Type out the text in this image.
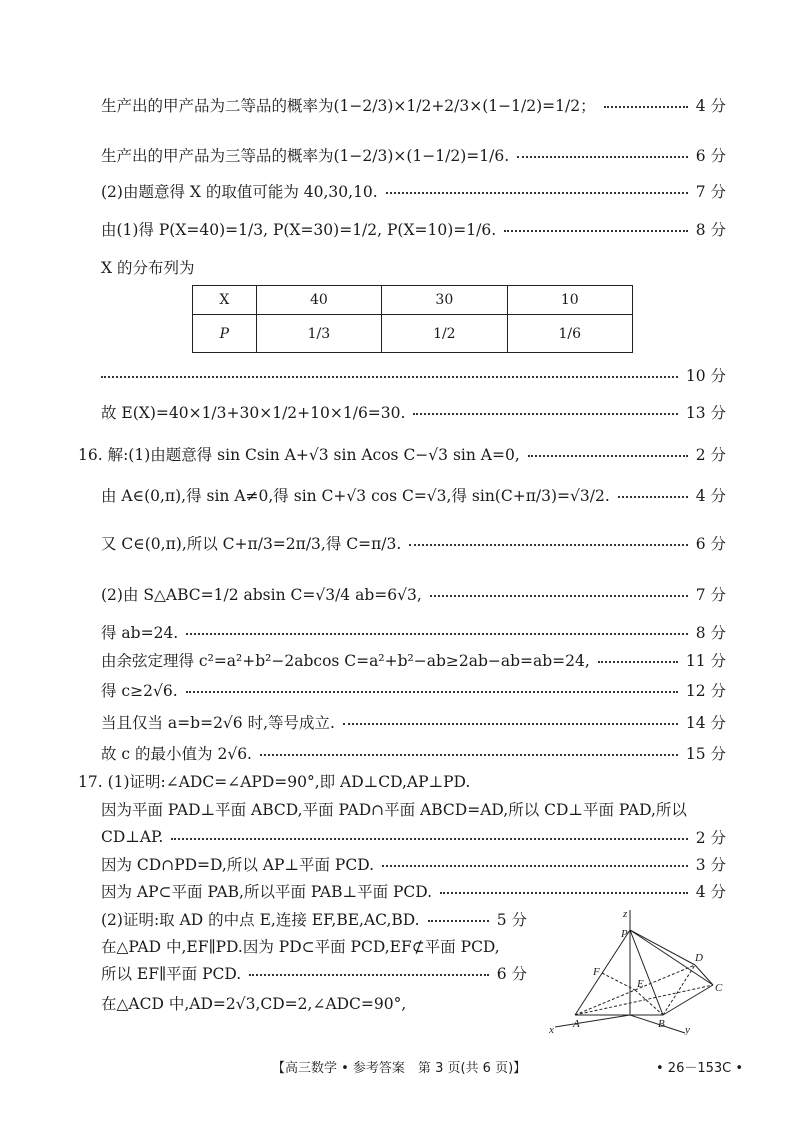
生产出的甲产品为二等品的概率为(1−2/3)×1/2+2/3×(1−1/2)=1/2；	4 分
生产出的甲产品为三等品的概率为(1−2/3)×(1−1/2)=1/6.	6 分
(2)由题意得 X 的取值可能为 40,30,10.	7 分
由(1)得 P(X=40)=1/3, P(X=30)=1/2, P(X=10)=1/6.	8 分
X 的分布列为
X	40	30	10
P	1/3	1/2	1/6
10 分
故 E(X)=40×1/3+30×1/2+10×1/6=30.	13 分
16. 解:(1)由题意得 sin Csin A+√3 sin Acos C−√3 sin A=0,	2 分
由 A∈(0,π),得 sin A≠0,得 sin C+√3 cos C=√3,得 sin(C+π/3)=√3/2.	4 分
又 C∈(0,π),所以 C+π/3=2π/3,得 C=π/3.	6 分
(2)由 S△ABC=1/2 absin C=√3/4 ab=6√3,	7 分
得 ab=24.	8 分
由余弦定理得 c²=a²+b²−2abcos C=a²+b²−ab≥2ab−ab=ab=24,	11 分
得 c≥2√6.	12 分
当且仅当 a=b=2√6 时,等号成立.	14 分
故 c 的最小值为 2√6.	15 分
17. (1)证明:∠ADC=∠APD=90°,即 AD⊥CD,AP⊥PD.
因为平面 PAD⊥平面 ABCD,平面 PAD∩平面 ABCD=AD,所以 CD⊥平面 PAD,所以
CD⊥AP.	2 分
因为 CD∩PD=D,所以 AP⊥平面 PCD.	3 分
因为 AP⊂平面 PAB,所以平面 PAB⊥平面 PCD.	4 分
(2)证明:取 AD 的中点 E,连接 EF,BE,AC,BD.	5 分
在△PAD 中,EF∥PD.因为 PD⊂平面 PCD,EF⊄平面 PCD,
所以 EF∥平面 PCD.	6 分
在△ACD 中,AD=2√3,CD=2,∠ADC=90°,
z
P
D
F
E	C
A	B
x	y
【高三数学 • 参考答案　第 3 页(共 6 页)】	• 26－153C •
